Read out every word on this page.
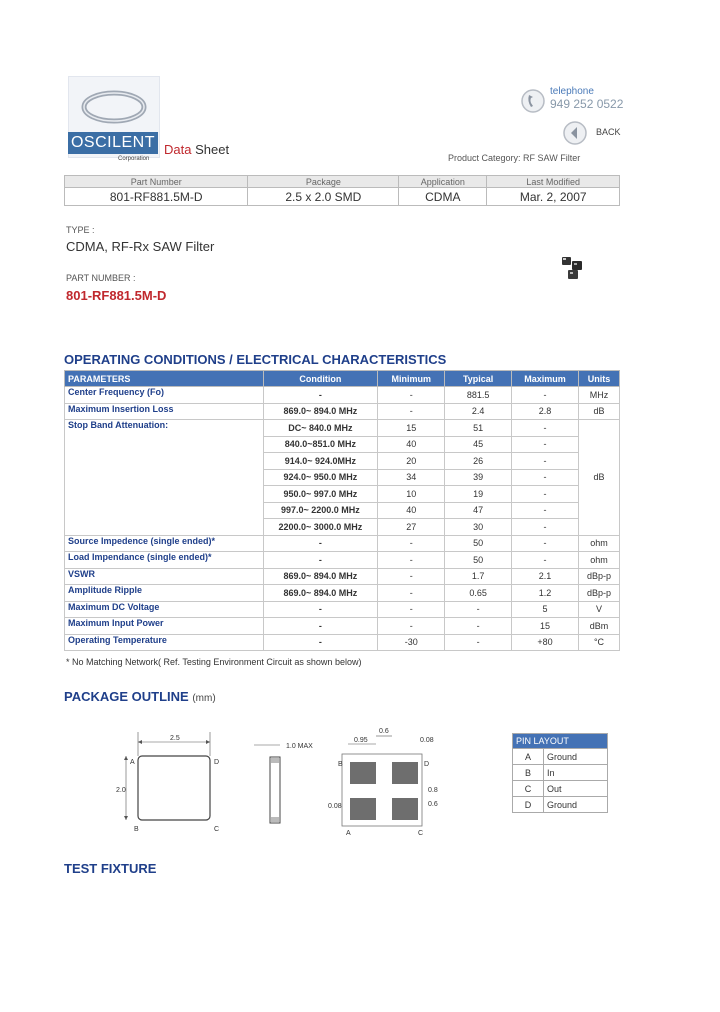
OSCILENT
Corporation
Data Sheet
telephone
949 252 0522
BACK
Product Category: RF SAW Filter
Part Number	Package	Application	Last Modified
801-RF881.5M-D	2.5 x 2.0 SMD	CDMA	Mar. 2, 2007
TYPE :
CDMA, RF-Rx SAW Filter
PART NUMBER :
801-RF881.5M-D
OPERATING CONDITIONS / ELECTRICAL CHARACTERISTICS
PARAMETERS	Condition	Minimum	Typical	Maximum	Units
Center Frequency (Fo)	-	-	881.5	-	MHz
Maximum Insertion Loss	869.0~ 894.0 MHz	-	2.4	2.8	dB
Stop Band Attenuation:	DC~ 840.0 MHz	15	51	-	dB
	840.0~851.0 MHz	40	45	-	
	914.0~ 924.0MHz	20	26	-	
	924.0~ 950.0 MHz	34	39	-	
	950.0~ 997.0 MHz	10	19	-	
	997.0~ 2200.0 MHz	40	47	-	
	2200.0~ 3000.0 MHz	27	30	-	
Source Impedence (single ended)*	-	-	50	-	ohm
Load Impendance (single ended)*	-	-	50	-	ohm
VSWR	869.0~ 894.0 MHz	-	1.7	2.1	dBp-p
Amplitude Ripple	869.0~ 894.0 MHz	-	0.65	1.2	dBp-p
Maximum DC Voltage	-	-	-	5	V
Maximum Input Power	-	-	-	15	dBm
Operating Temperature	-	-30	-	+80	°C
* No Matching Network( Ref. Testing Environment Circuit as shown below)
PACKAGE OUTLINE (mm)
2.5
2.0
A
B	C
D
1.0 MAX
0.95
0.6
0.08
0.8
0.6
B	D
A	C
0.08	PIN LAYOUT	
A	Ground
B	In
C	Out
D	Ground
TEST FIXTURE
